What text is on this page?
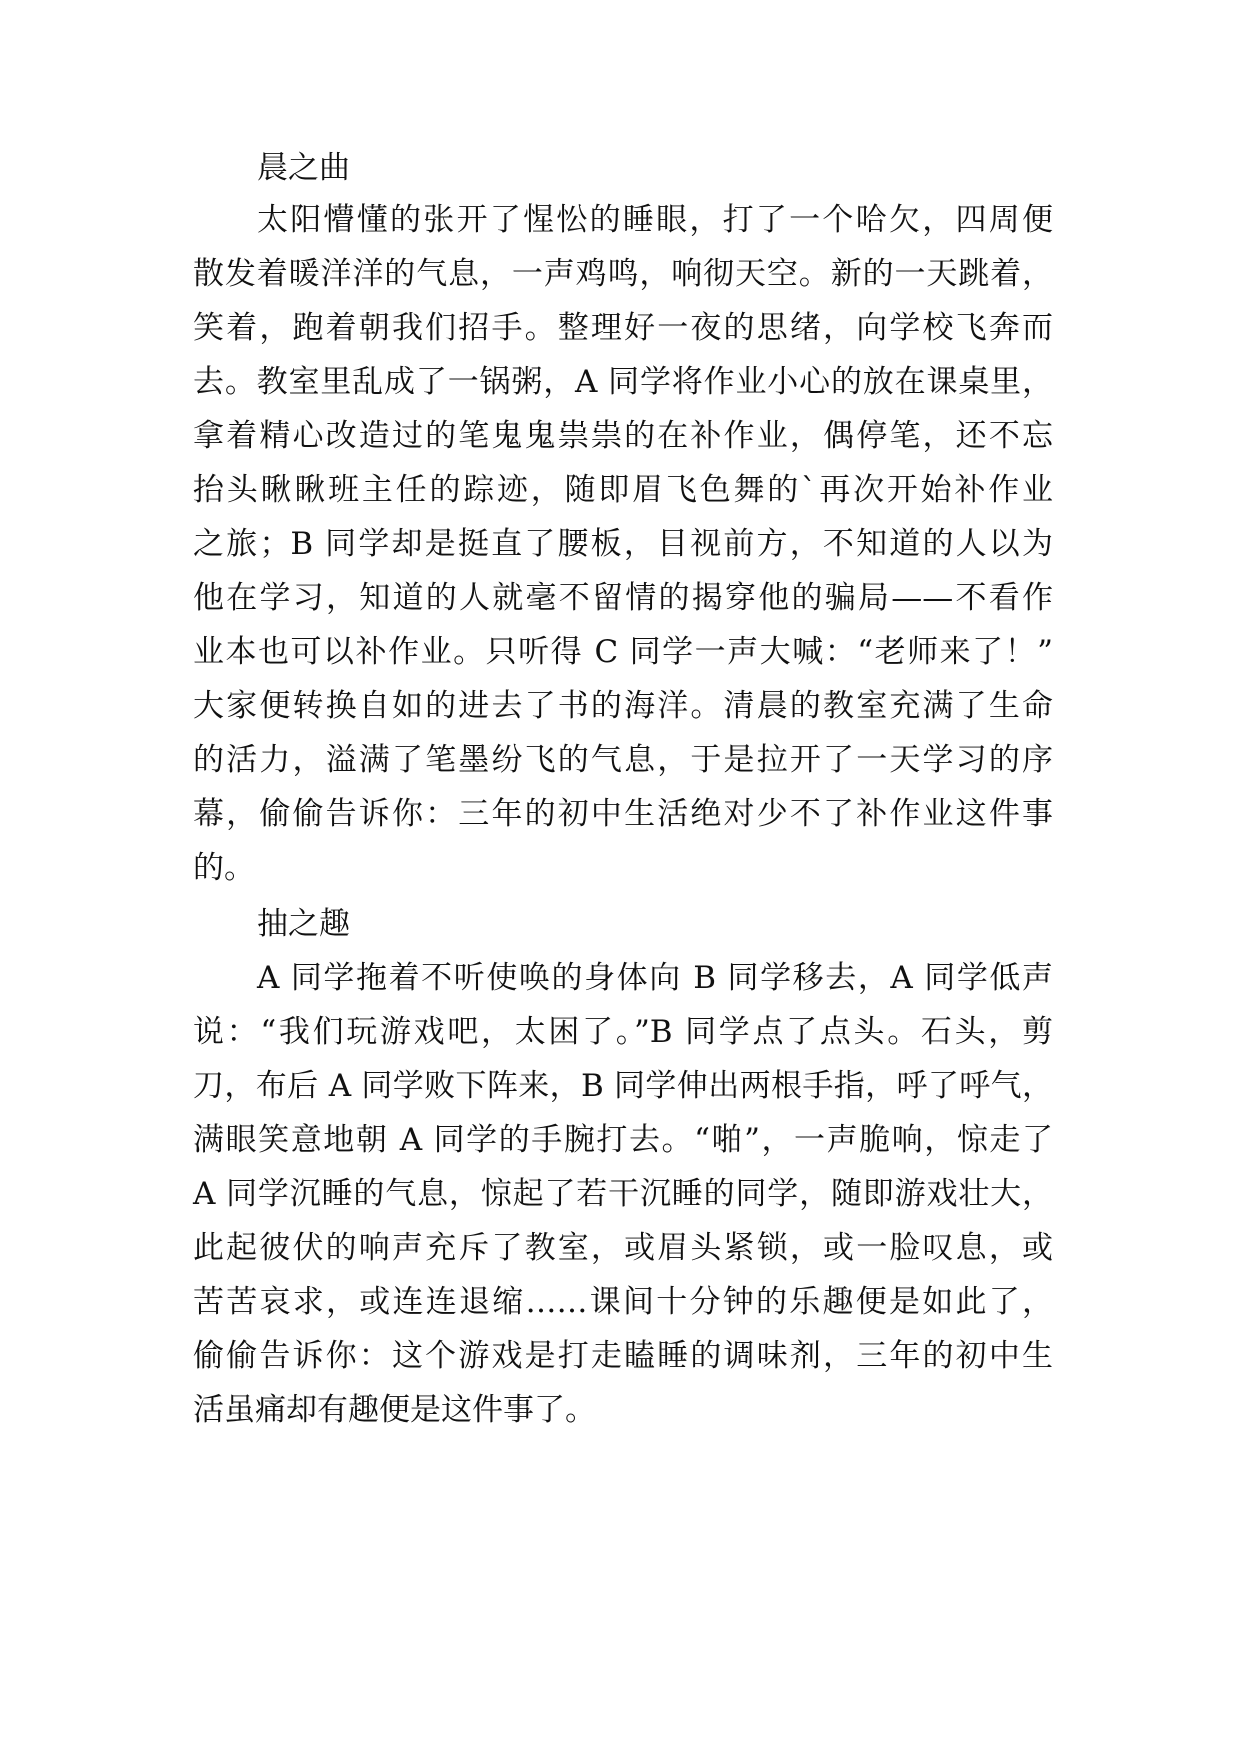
晨之曲
太阳懵懂的张开了惺忪的睡眼，打了一个哈欠，四周便
散发着暖洋洋的气息，一声鸡鸣，响彻天空。新的一天跳着，
笑着，跑着朝我们招手。整理好一夜的思绪，向学校飞奔而
去。教室里乱成了一锅粥，A 同学将作业小心的放在课桌里，
拿着精心改造过的笔鬼鬼祟祟的在补作业，偶停笔，还不忘
抬头瞅瞅班主任的踪迹，随即眉飞色舞的`再次开始补作业
之旅；B 同学却是挺直了腰板，目视前方，不知道的人以为
他在学习，知道的人就毫不留情的揭穿他的骗局——不看作
业本也可以补作业。只听得 C 同学一声大喊：“老师来了！”
大家便转换自如的进去了书的海洋。清晨的教室充满了生命
的活力，溢满了笔墨纷飞的气息，于是拉开了一天学习的序
幕，偷偷告诉你：三年的初中生活绝对少不了补作业这件事
的。
抽之趣
A 同学拖着不听使唤的身体向 B 同学移去，A 同学低声
说：“我们玩游戏吧，太困了。”B 同学点了点头。石头，剪
刀，布后 A 同学败下阵来，B 同学伸出两根手指，呼了呼气，
满眼笑意地朝 A 同学的手腕打去。“啪”，一声脆响，惊走了
A 同学沉睡的气息，惊起了若干沉睡的同学，随即游戏壮大，
此起彼伏的响声充斥了教室，或眉头紧锁，或一脸叹息，或
苦苦哀求，或连连退缩……课间十分钟的乐趣便是如此了，
偷偷告诉你：这个游戏是打走瞌睡的调味剂，三年的初中生
活虽痛却有趣便是这件事了。
